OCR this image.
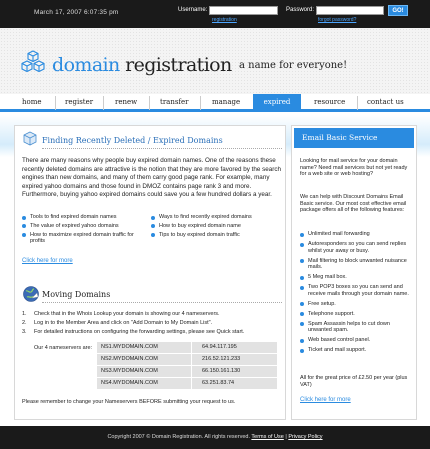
March 17, 2007 6:07:35 pm	Username:	Password:
registration	forgot password?
GO!
domain registration a name for everyone!
home	register	renew	transfer	manage	expired	resource	contact us
Finding Recently Deleted / Expired Domains
There are many reasons why people buy expired domain names. One of the reasons these recently deleted domains are attractive is the notion that they are more favored by the search engines than new domains, and many of them carry good page rank. For example, many expired yahoo domains and those found in DMOZ contains page rank 3 and more. Furthermore, buying yahoo expired domains could save you a few hundred dollars a year.
Tools to find expired domain names
The value of expired yahoo domains
How to maximize expired domain traffic for profits
Ways to find recently expired domains
How to buy expired domain name
Tips to buy expired domain traffic
Click here for more
Moving Domains
1. Check that in the Whois Lookup your domain is showing our 4 nameservers.
2. Log in to the Member Area and click on "Add Domain to My Domain List".
3. For detailed instructions on configuring the forwarding settings, please see Quick start.
Our 4 nameservers are: NS1.MYDOMAIN.COM	64.94.117.195
NS2.MYDOMAIN.COM	216.52.121.233
NS3.MYDOMAIN.COM	66.150.161.130
NS4.MYDOMAIN.COM	63.251.83.74
Please remember to change your Nameservers BEFORE submitting your request to us.
Email Basic Service
Looking for mail service for your domain name? Need mail services but not yet ready for a web site or web hosting?
We can help with Discount Domains Email Basic service. Our most cost effective email package offers all of the following features:
Unlimited mail forwarding
Autoresponders so you can send replies whilst your away or busy.
Mail filtering to block unwanted nuisance mails.
5 Meg mail box.
Two POP3 boxes so you can send and receive mails through your domain name.
Free setup.
Telephone support.
Spam Assassin helps to cut down unwanted spam.
Web based control panel.
Ticket and mail support.
All for the great price of £2.50 per year (plus VAT)
Click here for more
Copyright 2007 © Domain Registration. All rights reserved. Terms of Use | Privacy Policy
